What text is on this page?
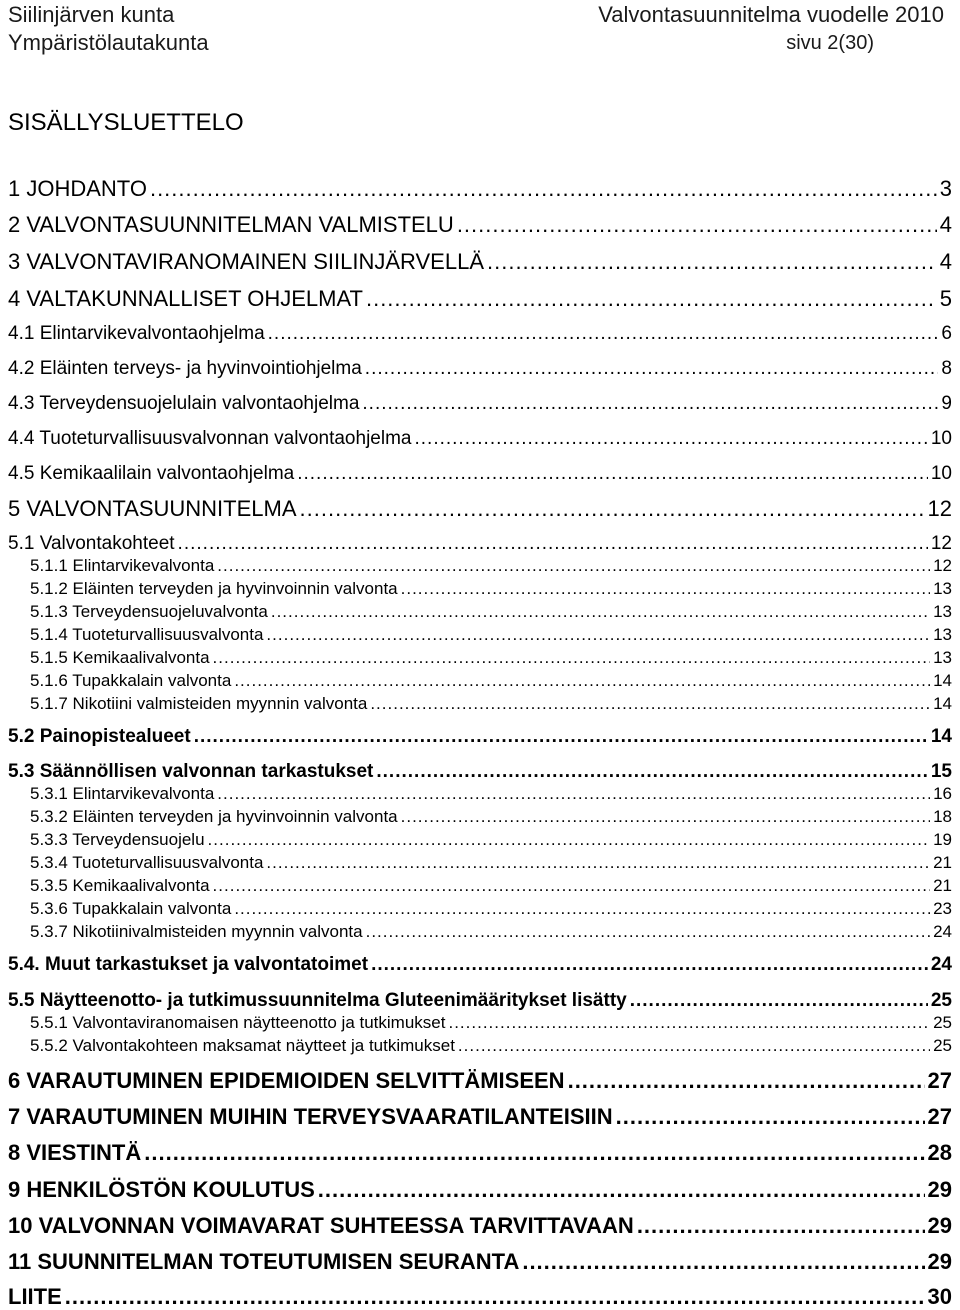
Siilinjärven kunta
Ympäristölautakunta
Valvontasuunnitelma vuodelle 2010
sivu 2(30)
SISÄLLYSLUETTELO
1 JOHDANTO .....	3
2 VALVONTASUUNNITELMAN VALMISTELU .....	4
3 VALVONTAVIRANOMAINEN SIILINJÄRVELLÄ .....	4
4 VALTAKUNNALLISET OHJELMAT .....	5
4.1 Elintarvikevalvontaohjelma .....	6
4.2 Eläinten terveys- ja hyvinvointiohjelma .....	8
4.3 Terveydensuojelulain valvontaohjelma .....	9
4.4 Tuoteturvallisuusvalvonnan valvontaohjelma .....	10
4.5 Kemikaalilain valvontaohjelma .....	10
5 VALVONTASUUNNITELMA .....	12
5.1 Valvontakohteet .....	12
5.1.1 Elintarvikevalvonta .....	12
5.1.2 Eläinten terveyden ja hyvinvoinnin valvonta .....	13
5.1.3 Terveydensuojeluvalvonta .....	13
5.1.4 Tuoteturvallisuusvalvonta .....	13
5.1.5 Kemikaalivalvonta .....	13
5.1.6 Tupakkalain valvonta .....	14
5.1.7 Nikotiini valmisteiden myynnin valvonta .....	14
5.2 Painopistealueet .....	14
5.3 Säännöllisen valvonnan tarkastukset .....	15
5.3.1 Elintarvikevalvonta .....	16
5.3.2 Eläinten terveyden ja hyvinvoinnin valvonta .....	18
5.3.3 Terveydensuojelu .....	19
5.3.4 Tuoteturvallisuusvalvonta .....	21
5.3.5 Kemikaalivalvonta .....	21
5.3.6 Tupakkalain valvonta .....	23
5.3.7 Nikotiinivalmisteiden myynnin valvonta .....	24
5.4. Muut tarkastukset ja valvontatoimet .....	24
5.5 Näytteenotto- ja tutkimussuunnitelma Gluteenimääritykset lisätty .....	25
5.5.1 Valvontaviranomaisen näytteenotto ja tutkimukset .....	25
5.5.2 Valvontakohteen maksamat näytteet ja tutkimukset .....	25
6 VARAUTUMINEN EPIDEMIOIDEN SELVITTÄMISEEN .....	27
7 VARAUTUMINEN MUIHIN TERVEYSVAARATILANTEISIIN .....	27
8 VIESTINTÄ .....	28
9 HENKILÖSTÖN KOULUTUS .....	29
10 VALVONNAN VOIMAVARAT SUHTEESSA TARVITTAVAAN .....	29
11 SUUNNITELMAN TOTEUTUMISEN SEURANTA .....	29
LIITE .....	30
